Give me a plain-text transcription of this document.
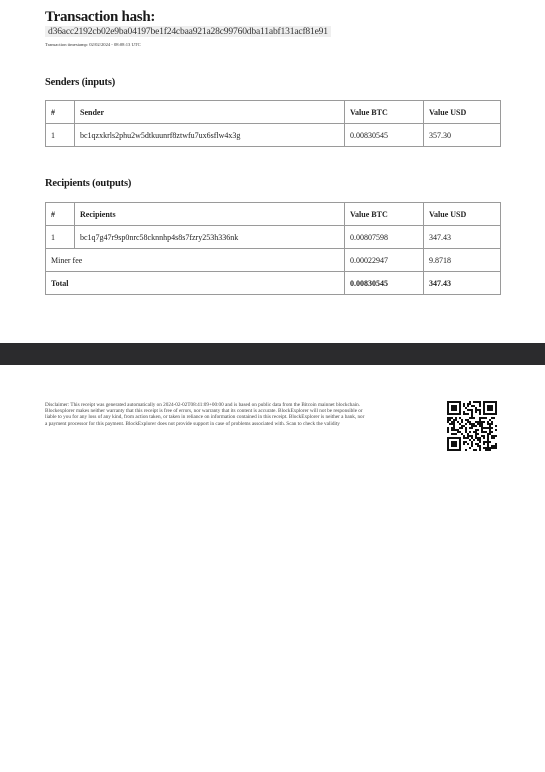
Transaction hash:
d36acc2192cb02e9ba04197be1f24cbaa921a28c99760dba11abf131acf81e91
Transaction timestamp: 02/02/2024 - 08:08:13 UTC
Senders (inputs)
#	Sender	Value BTC	Value USD
1	bc1qzxkrls2phu2w5dtkuunrf8ztwfu7ux6sflw4x3g	0.00830545	357.30
Recipients (outputs)
#	Recipients	Value BTC	Value USD
1	bc1q7g47r9sp0nrc58cknnhp4s8s7fzry253h336nk	0.00807598	347.43
Miner fee		0.00022947	9.8718
Total		0.00830545	347.43
Disclaimer: This receipt was generated automatically on 2024-02-02T08:41:09+00:00 and is based on public data from the Bitcoin mainnet blockchain. Blockexplorer makes neither warranty that this receipt is free of errors, nor warranty that its content is accurate. BlockExplorer will not be responsible or liable to you for any loss of any kind, from action taken, or taken in reliance on information contained in this receipt. BlockExplorer is neither a bank, nor a payment processor for this payment. BlockExplorer does not provide support in case of problems associated with. Scan to check the validity
